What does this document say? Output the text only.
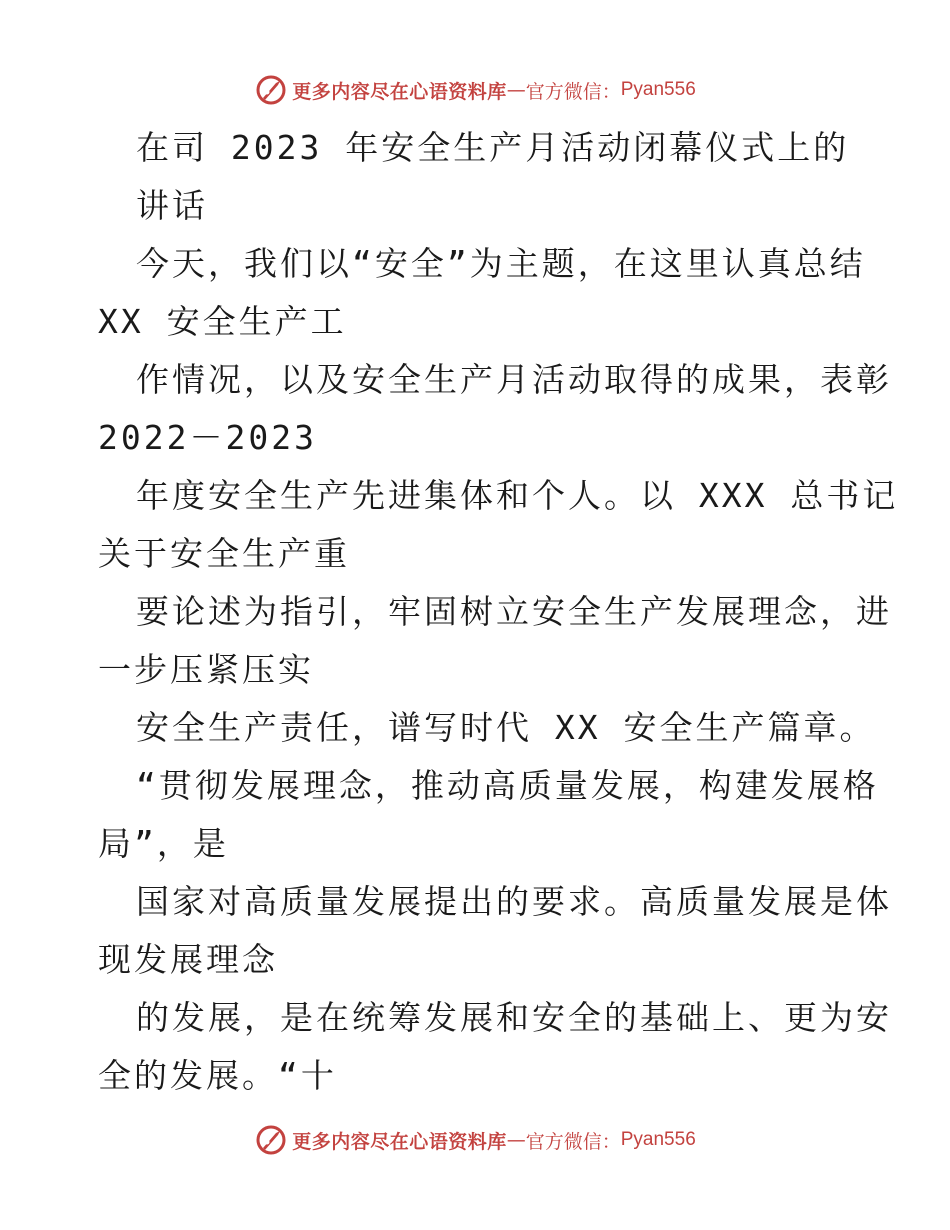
更多内容尽在心语资料库 — 官方微信： Pyan556
在司 2023 年安全生产月活动闭幕仪式上的
讲话
今天，我们以“安全”为主题，在这里认真总结
XX 安全生产工
作情况，以及安全生产月活动取得的成果，表彰
2022－2023
年度安全生产先进集体和个人。以 XXX 总书记
关于安全生产重
要论述为指引，牢固树立安全生产发展理念，进
一步压紧压实
安全生产责任，谱写时代 XX 安全生产篇章。
“贯彻发展理念，推动高质量发展，构建发展格
局”，是
国家对高质量发展提出的要求。高质量发展是体
现发展理念
的发展，是在统筹发展和安全的基础上、更为安
全的发展。“十
更多内容尽在心语资料库 — 官方微信： Pyan556
